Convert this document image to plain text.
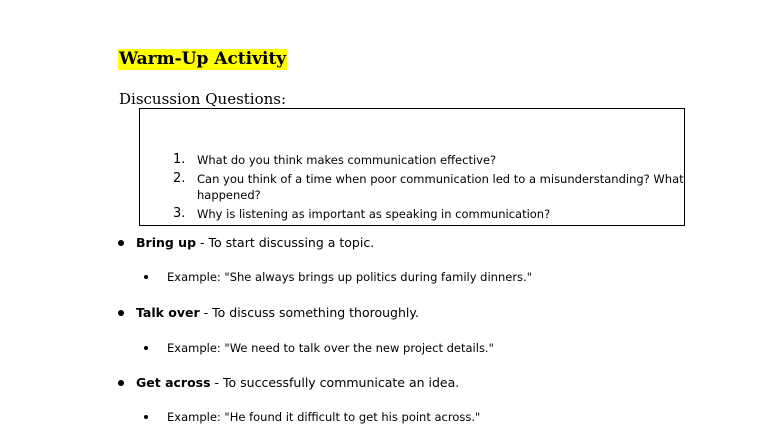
Warm-Up Activity
Discussion Questions:
1. What do you think makes communication effective?
2. Can you think of a time when poor communication led to a misunderstanding? What
happened?
3. Why is listening as important as speaking in communication?
Bring up - To start discussing a topic.
Example: "She always brings up politics during family dinners."
Talk over - To discuss something thoroughly.
Example: "We need to talk over the new project details."
Get across - To successfully communicate an idea.
Example: "He found it difficult to get his point across."
